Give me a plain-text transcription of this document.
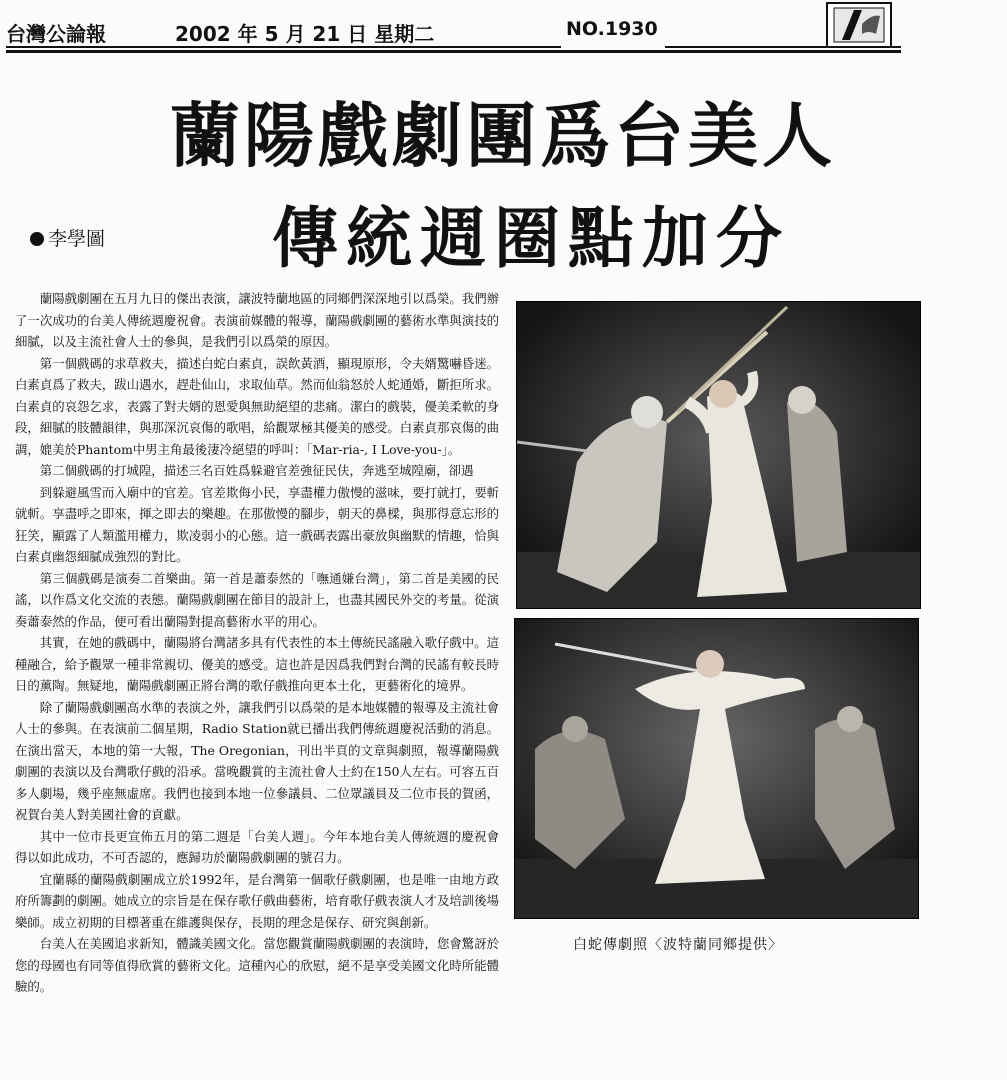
台灣公論報	2002 年 5 月 21 日 星期二	NO.1930
蘭陽戲劇團爲台美人
李學圖	傳統週圈點加分

蘭陽戲劇團在五月九日的傑出表演，讓波特蘭地區的同鄉們深深地引以爲榮。我們辦了一次成功的台美人傳統週慶祝會。表演前媒體的報導，蘭陽戲劇團的藝術水準與演技的細膩，以及主流社會人士的參與，是我們引以爲榮的原因。

第一個戲碼的求草救夫，描述白蛇白素貞，誤飲黃酒，顯現原形，令夫婿驚嚇昏迷。白素貞爲了救夫，跋山遇水，趕赴仙山，求取仙草。然而仙翁怒於人蛇通婚，斷拒所求。白素貞的哀怨乞求，表露了對夫婿的恩愛與無助絕望的悲痛。潔白的戲裝，優美柔軟的身段，細膩的肢體韻律，與那深沉哀傷的歌唱，給觀眾極其優美的感受。白素貞那哀傷的曲調，媲美於Phantom中男主角最後淒冷絕望的呼叫：「Mar-ria-, I Love-you-」。

第二個戲碼的打城隍，描述三名百姓爲躲避官差強征民伕，奔逃至城隍廟，卻遇

到躲避風雪而入廟中的官差。官差欺侮小民，享盡權力傲慢的滋味，要打就打，要斬就斬。享盡呼之即來，揮之即去的樂趣。在那傲慢的腳步，朝天的鼻樑，與那得意忘形的狂笑，顯露了人類濫用權力，欺凌弱小的心態。這一戲碼表露出豪放與幽默的情趣，恰與白素貞幽怨細膩成強烈的對比。

第三個戲碼是演奏二首樂曲。第一首是蕭泰然的「嘸通嫌台灣」，第二首是美國的民謠，以作爲文化交流的表態。蘭陽戲劇團在節目的設計上，也盡其國民外交的考量。從演奏蕭泰然的作品，便可看出蘭陽對提高藝術水平的用心。

其實，在她的戲碼中，蘭陽將台灣諸多具有代表性的本土傳統民謠融入歌仔戲中。這種融合，給予觀眾一種非常親切、優美的感受。這也許是因爲我們對台灣的民謠有較長時日的薰陶。無疑地，蘭陽戲劇團正將台灣的歌仔戲推向更本土化，更藝術化的境界。

除了蘭陽戲劇團高水準的表演之外，讓我們引以爲榮的是本地媒體的報導及主流社會人士的參與。在表演前二個星期，Radio Station就已播出我們傳統週慶祝活動的消息。在演出當天，本地的第一大報，The Oregonian，刊出半頁的文章與劇照，報導蘭陽戲劇團的表演以及台灣歌仔戲的沿承。當晚觀賞的主流社會人士約在150人左右。可容五百多人劇場，幾乎座無虛席。我們也接到本地一位參議員、二位眾議員及二位市長的賀函，祝賀台美人對美國社會的貢獻。

其中一位市長更宣佈五月的第二週是「台美人週」。今年本地台美人傳統週的慶祝會得以如此成功，不可否認的，應歸功於蘭陽戲劇團的號召力。

宜蘭縣的蘭陽戲劇團成立於1992年，是台灣第一個歌仔戲劇團，也是唯一由地方政府所籌劃的劇團。她成立的宗旨是在保存歌仔戲曲藝術，培育歌仔戲表演人才及培訓後場樂師。成立初期的目標著重在維護與保存，長期的理念是保存、研究與創新。

台美人在美國追求新知，體識美國文化。當您觀賞蘭陽戲劇團的表演時，您會驚訝於您的母國也有同等值得欣賞的藝術文化。這種內心的欣慰，絕不是享受美國文化時所能體驗的。

白蛇傳劇照〈波特蘭同鄉提供〉
